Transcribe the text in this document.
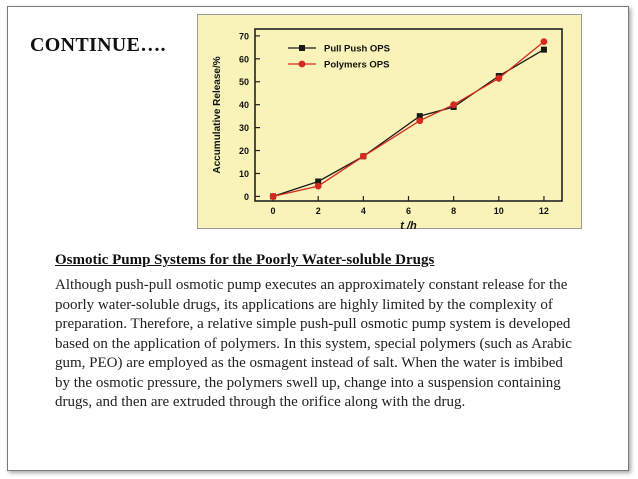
CONTINUE….
0
10
20
30
40
50
60
70
0	2	4	6	8	10	12
t /h
Accumulative Release/%
Pull Push OPS
Polymers OPS
Osmotic Pump Systems for the Poorly Water-soluble Drugs
Although push-pull osmotic pump executes an approximately constant release for the poorly water-soluble drugs, its applications are highly limited by the complexity of preparation. Therefore, a relative simple push-pull osmotic pump system is developed based on the application of polymers. In this system, special polymers (such as Arabic gum, PEO) are employed as the osmagent instead of salt. When the water is imbibed by the osmotic pressure, the polymers swell up, change into a suspension containing drugs, and then are extruded through the orifice along with the drug.
